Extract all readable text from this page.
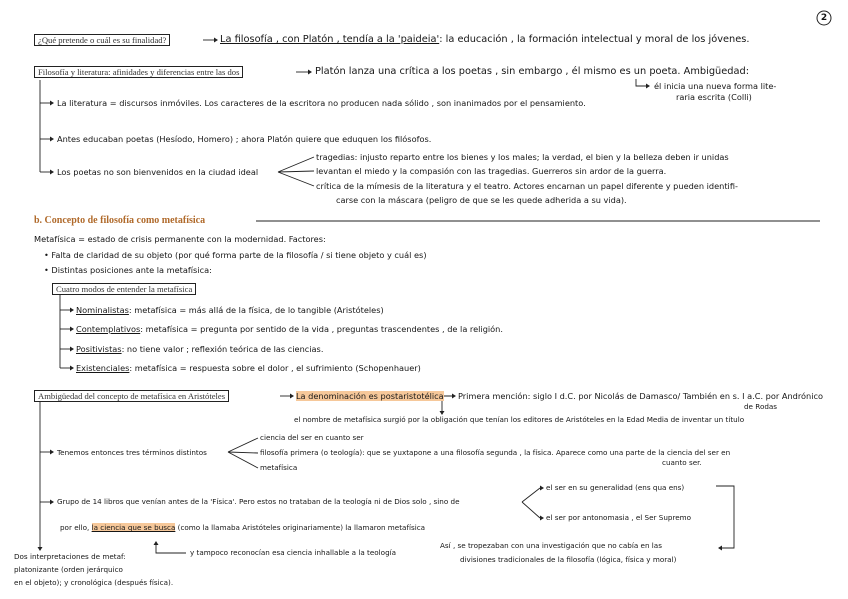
2
¿Qué pretende o cuál es su finalidad?	La filosofía , con Platón , tendía a la 'paideia': la educación , la formación intelectual y moral de los jóvenes.
Filosofía y literatura: afinidades y diferencias entre las dos	Platón lanza una crítica a los poetas , sin embargo , él mismo es un poeta. Ambigüedad:
él inicia una nueva forma lite-
raria escrita (Colli)
La literatura = discursos inmóviles. Los caracteres de la escritora no producen nada sólido , son inanimados por el pensamiento.
Antes educaban poetas (Hesíodo, Homero) ; ahora Platón quiere que eduquen los filósofos.
Los poetas no son bienvenidos en la ciudad ideal
tragedias: injusto reparto entre los bienes y los males; la verdad, el bien y la belleza deben ir unidas
levantan el miedo y la compasión con las tragedias. Guerreros sin ardor de la guerra.
crítica de la mímesis de la literatura y el teatro. Actores encarnan un papel diferente y pueden identifi-
carse con la máscara (peligro de que se les quede adherida a su vida).
b. Concepto de filosofía como metafísica
Metafísica = estado de crisis permanente con la modernidad. Factores:
• Falta de claridad de su objeto (por qué forma parte de la filosofía / si tiene objeto y cuál es)
• Distintas posiciones ante la metafísica:
Cuatro modos de entender la metafísica
Nominalistas: metafísica = más allá de la física, de lo tangible (Aristóteles)
Contemplativos: metafísica = pregunta por sentido de la vida , preguntas trascendentes , de la religión.
Positivistas: no tiene valor ; reflexión teórica de las ciencias.
Existenciales: metafísica = respuesta sobre el dolor , el sufrimiento (Schopenhauer)
Ambigüedad del concepto de metafísica en Aristóteles	La denominación es postaristotélica Primera mención: siglo I d.C. por Nicolás de Damasco/ También en s. I a.C. por Andrónico
de Rodas
el nombre de metafísica surgió por la obligación que tenían los editores de Aristóteles en la Edad Media de inventar un título
Tenemos entonces tres términos distintos
ciencia del ser en cuanto ser
filosofía primera (o teología): que se yuxtapone a una filosofía segunda , la física. Aparece como una parte de la ciencia del ser en
cuanto ser.
metafísica
Grupo de 14 libros que venían antes de la 'Física'. Pero estos no trataban de la teología ni de Dios solo , sino de
el ser en su generalidad (ens qua ens)
el ser por antonomasia , el Ser Supremo
por ello, la ciencia que se busca (como la llamaba Aristóteles originariamente) la llamaron metafísica
Así , se tropezaban con una investigación que no cabía en las
divisiones tradicionales de la filosofía (lógica, física y moral)
y tampoco reconocían esa ciencia inhallable a la teología
Dos interpretaciones de metaf:
platonizante (orden jerárquico
en el objeto); y cronológica (después física).
